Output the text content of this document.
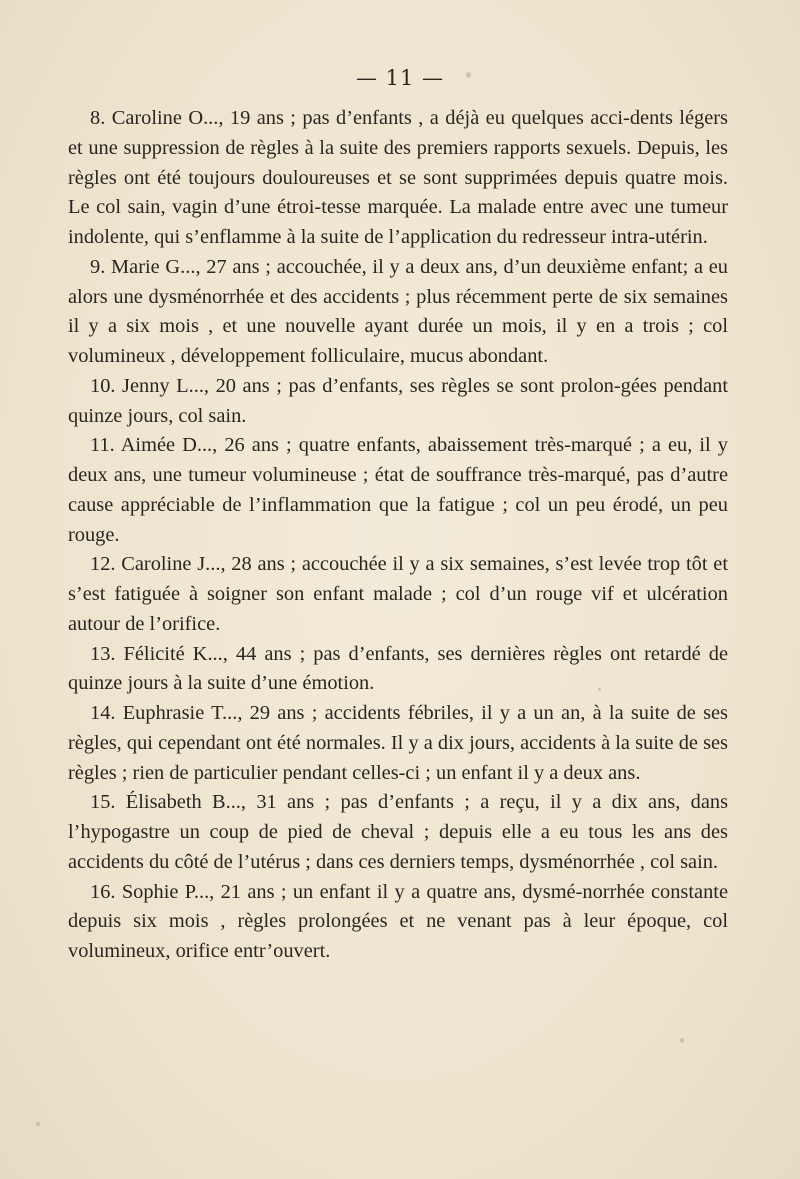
— 11 —

8. Caroline O..., 19 ans ; pas d’enfants , a déjà eu quelques acci-dents légers et une suppression de règles à la suite des premiers rapports sexuels. Depuis, les règles ont été toujours douloureuses et se sont supprimées depuis quatre mois. Le col sain, vagin d’une étroi-tesse marquée. La malade entre avec une tumeur indolente, qui s’enflamme à la suite de l’application du redresseur intra-utérin.

9. Marie G..., 27 ans ; accouchée, il y a deux ans, d’un deuxième enfant; a eu alors une dysménorrhée et des accidents ; plus récemment perte de six semaines il y a six mois , et une nouvelle ayant durée un mois, il y en a trois ; col volumineux , développement folliculaire, mucus abondant.

10. Jenny L..., 20 ans ; pas d’enfants, ses règles se sont prolon-gées pendant quinze jours, col sain.

11. Aimée D..., 26 ans ; quatre enfants, abaissement très-marqué ; a eu, il y deux ans, une tumeur volumineuse ; état de souffrance très-marqué, pas d’autre cause appréciable de l’inflammation que la fatigue ; col un peu érodé, un peu rouge.

12. Caroline J..., 28 ans ; accouchée il y a six semaines, s’est levée trop tôt et s’est fatiguée à soigner son enfant malade ; col d’un rouge vif et ulcération autour de l’orifice.

13. Félicité K..., 44 ans ; pas d’enfants, ses dernières règles ont retardé de quinze jours à la suite d’une émotion.

14. Euphrasie T..., 29 ans ; accidents fébriles, il y a un an, à la suite de ses règles, qui cependant ont été normales. Il y a dix jours, accidents à la suite de ses règles ; rien de particulier pendant celles-ci ; un enfant il y a deux ans.

15. Élisabeth B..., 31 ans ; pas d’enfants ; a reçu, il y a dix ans, dans l’hypogastre un coup de pied de cheval ; depuis elle a eu tous les ans des accidents du côté de l’utérus ; dans ces derniers temps, dysménorrhée , col sain.

16. Sophie P..., 21 ans ; un enfant il y a quatre ans, dysmé-norrhée constante depuis six mois , règles prolongées et ne venant pas à leur époque, col volumineux, orifice entr’ouvert.
